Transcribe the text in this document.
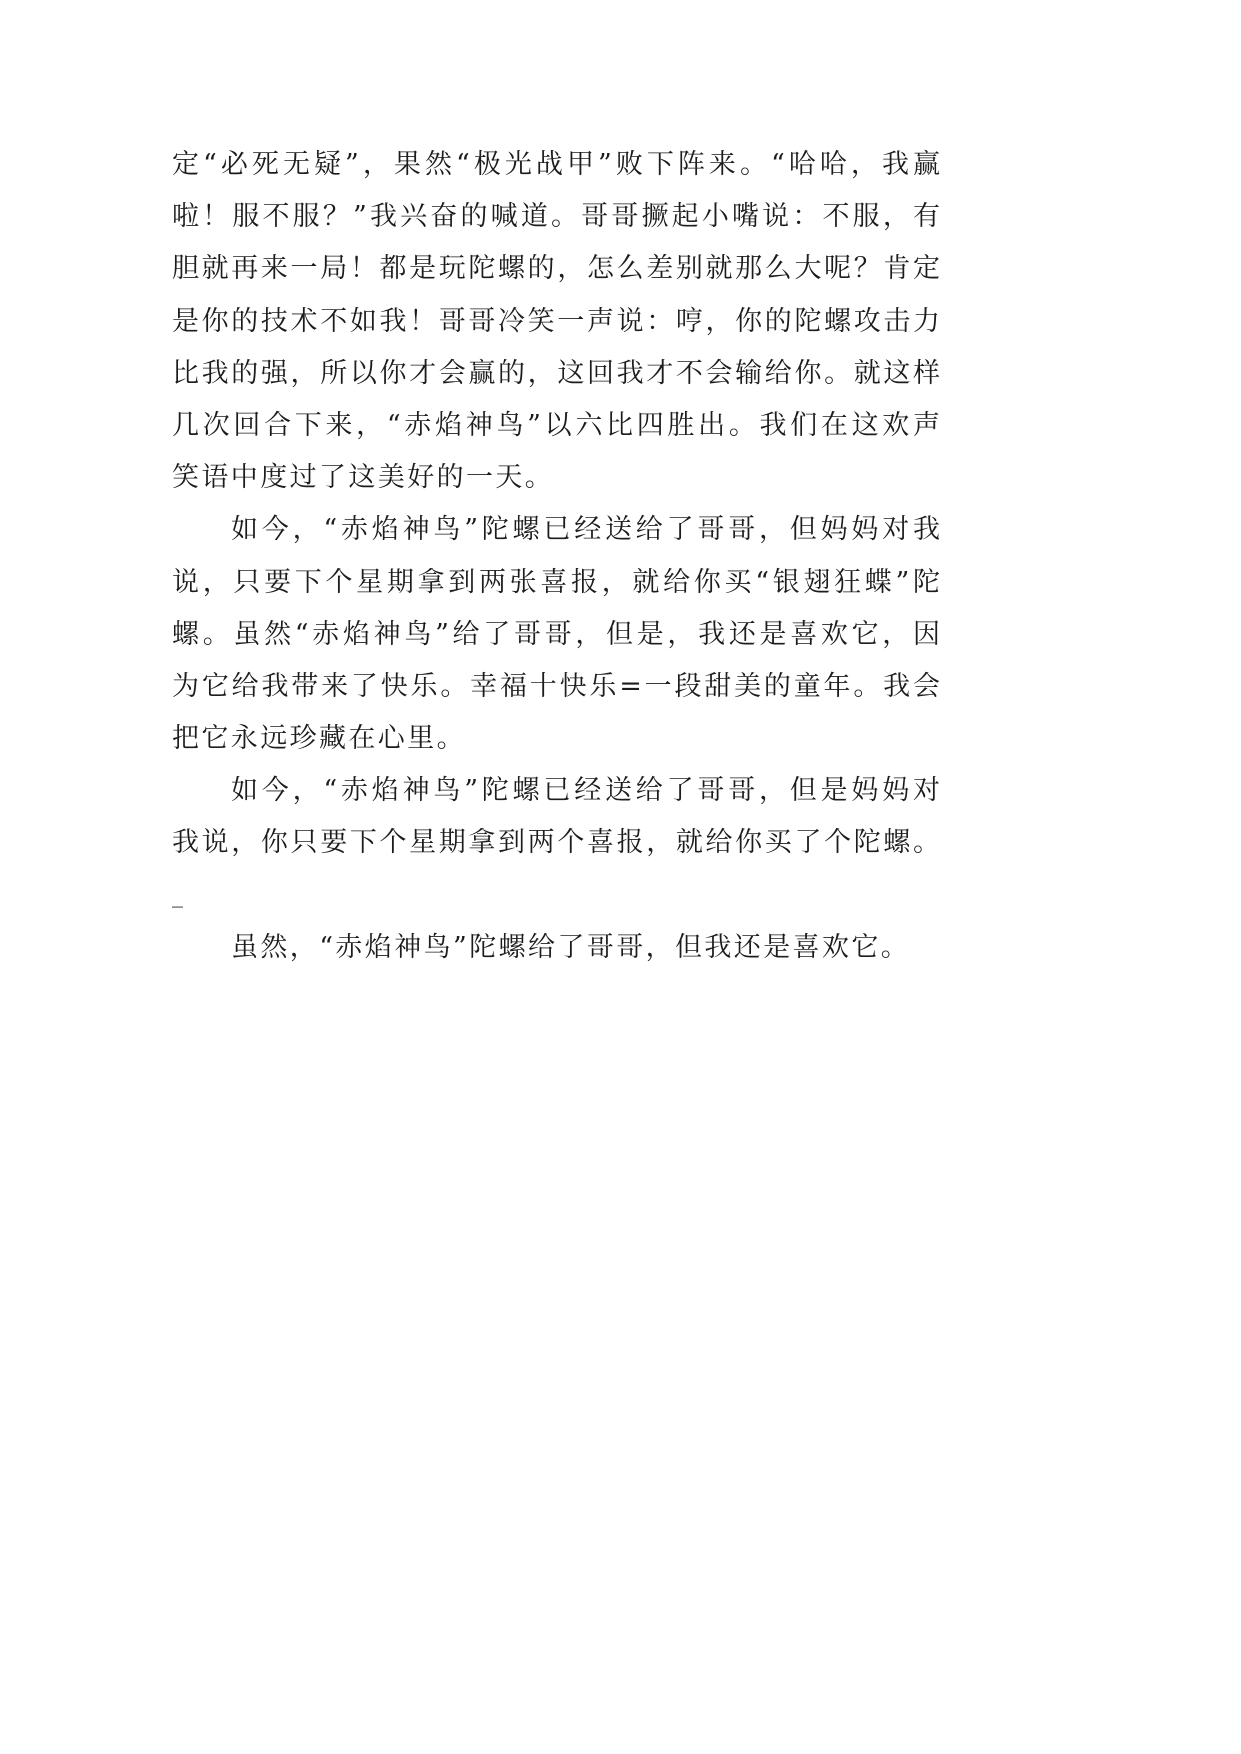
定“必死无疑”，果然“极光战甲”败下阵来。“哈哈，我赢
啦！服不服？”我兴奋的喊道。哥哥撅起小嘴说：不服，有
胆就再来一局！都是玩陀螺的，怎么差别就那么大呢？肯定
是你的技术不如我！哥哥冷笑一声说：哼，你的陀螺攻击力
比我的强，所以你才会赢的，这回我才不会输给你。就这样
几次回合下来，“赤焰神鸟”以六比四胜出。我们在这欢声
笑语中度过了这美好的一天。
如今，“赤焰神鸟”陀螺已经送给了哥哥，但妈妈对我
说，只要下个星期拿到两张喜报，就给你买“银翅狂蝶”陀
螺。虽然“赤焰神鸟”给了哥哥，但是，我还是喜欢它，因
为它给我带来了快乐。幸福十快乐=一段甜美的童年。我会
把它永远珍藏在心里。
如今，“赤焰神鸟”陀螺已经送给了哥哥，但是妈妈对
我说，你只要下个星期拿到两个喜报，就给你买了个陀螺。
_
虽然，“赤焰神鸟”陀螺给了哥哥，但我还是喜欢它。
